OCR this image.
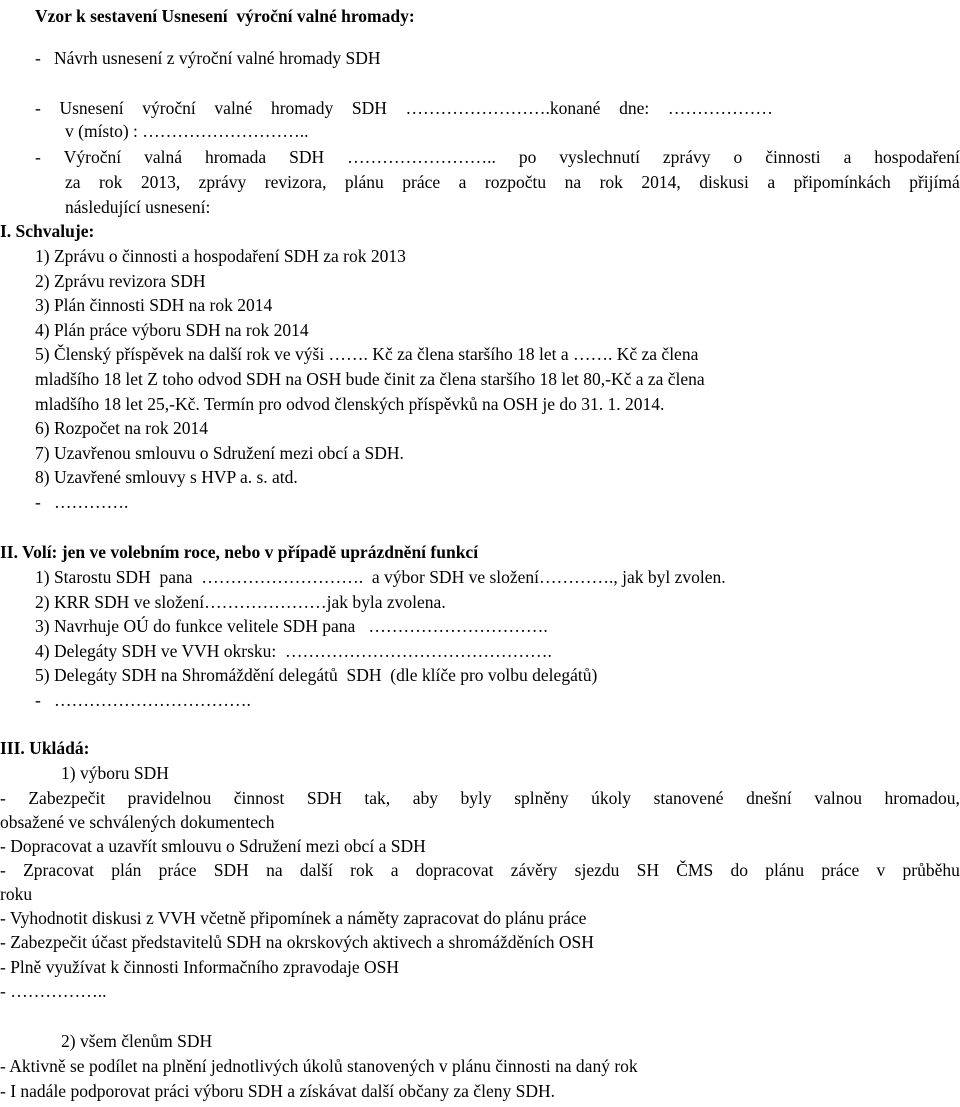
Vzor k sestavení Usnesení  výroční valné hromady:
-   Návrh usnesení z výroční valné hromady SDH
- Usnesení výroční valné hromady SDH …………………….konané dne: ………………
v (místo) : ………………………..
- Výroční valná hromada SDH …………………….. po vyslechnutí zprávy o činnosti a hospodaření
za rok 2013, zprávy revizora, plánu práce a rozpočtu na rok 2014, diskusi a připomínkách přijímá
následující usnesení:
I. Schvaluje:
1) Zprávu o činnosti a hospodaření SDH za rok 2013
2) Zprávu revizora SDH
3) Plán činnosti SDH na rok 2014
4) Plán práce výboru SDH na rok 2014
5) Členský příspěvek na další rok ve výši ……. Kč za člena staršího 18 let a ……. Kč za člena
mladšího 18 let Z toho odvod SDH na OSH bude činit za člena staršího 18 let 80,-Kč a za člena
mladšího 18 let 25,-Kč. Termín pro odvod členských příspěvků na OSH je do 31. 1. 2014.
6) Rozpočet na rok 2014
7) Uzavřenou smlouvu o Sdružení mezi obcí a SDH.
8) Uzavřené smlouvy s HVP a. s. atd.
-   ………….
II. Volí: jen ve volebním roce, nebo v případě uprázdnění funkcí
1) Starostu SDH  pana  ……………………….  a výbor SDH ve složení…………., jak byl zvolen.
2) KRR SDH ve složení…………………jak byla zvolena.
3) Navrhuje OÚ do funkce velitele SDH pana   ………………………….
4) Delegáty SDH ve VVH okrsku:  ……………………………………….
5) Delegáty SDH na Shromáždění delegátů  SDH  (dle klíče pro volbu delegátů)
-   …………………………….
III. Ukládá:
1) výboru SDH
- Zabezpečit pravidelnou činnost SDH tak, aby byly splněny úkoly stanovené dnešní valnou hromadou,
obsažené ve schválených dokumentech
- Dopracovat a uzavřít smlouvu o Sdružení mezi obcí a SDH
- Zpracovat plán práce SDH na další rok a dopracovat závěry sjezdu SH ČMS do plánu práce v průběhu
roku
- Vyhodnotit diskusi z VVH včetně připomínek a náměty zapracovat do plánu práce
- Zabezpečit účast představitelů SDH na okrskových aktivech a shromážděních OSH
- Plně využívat k činnosti Informačního zpravodaje OSH
- ……………..
2) všem členům SDH
- Aktivně se podílet na plnění jednotlivých úkolů stanovených v plánu činnosti na daný rok
- I nadále podporovat práci výboru SDH a získávat další občany za členy SDH.
